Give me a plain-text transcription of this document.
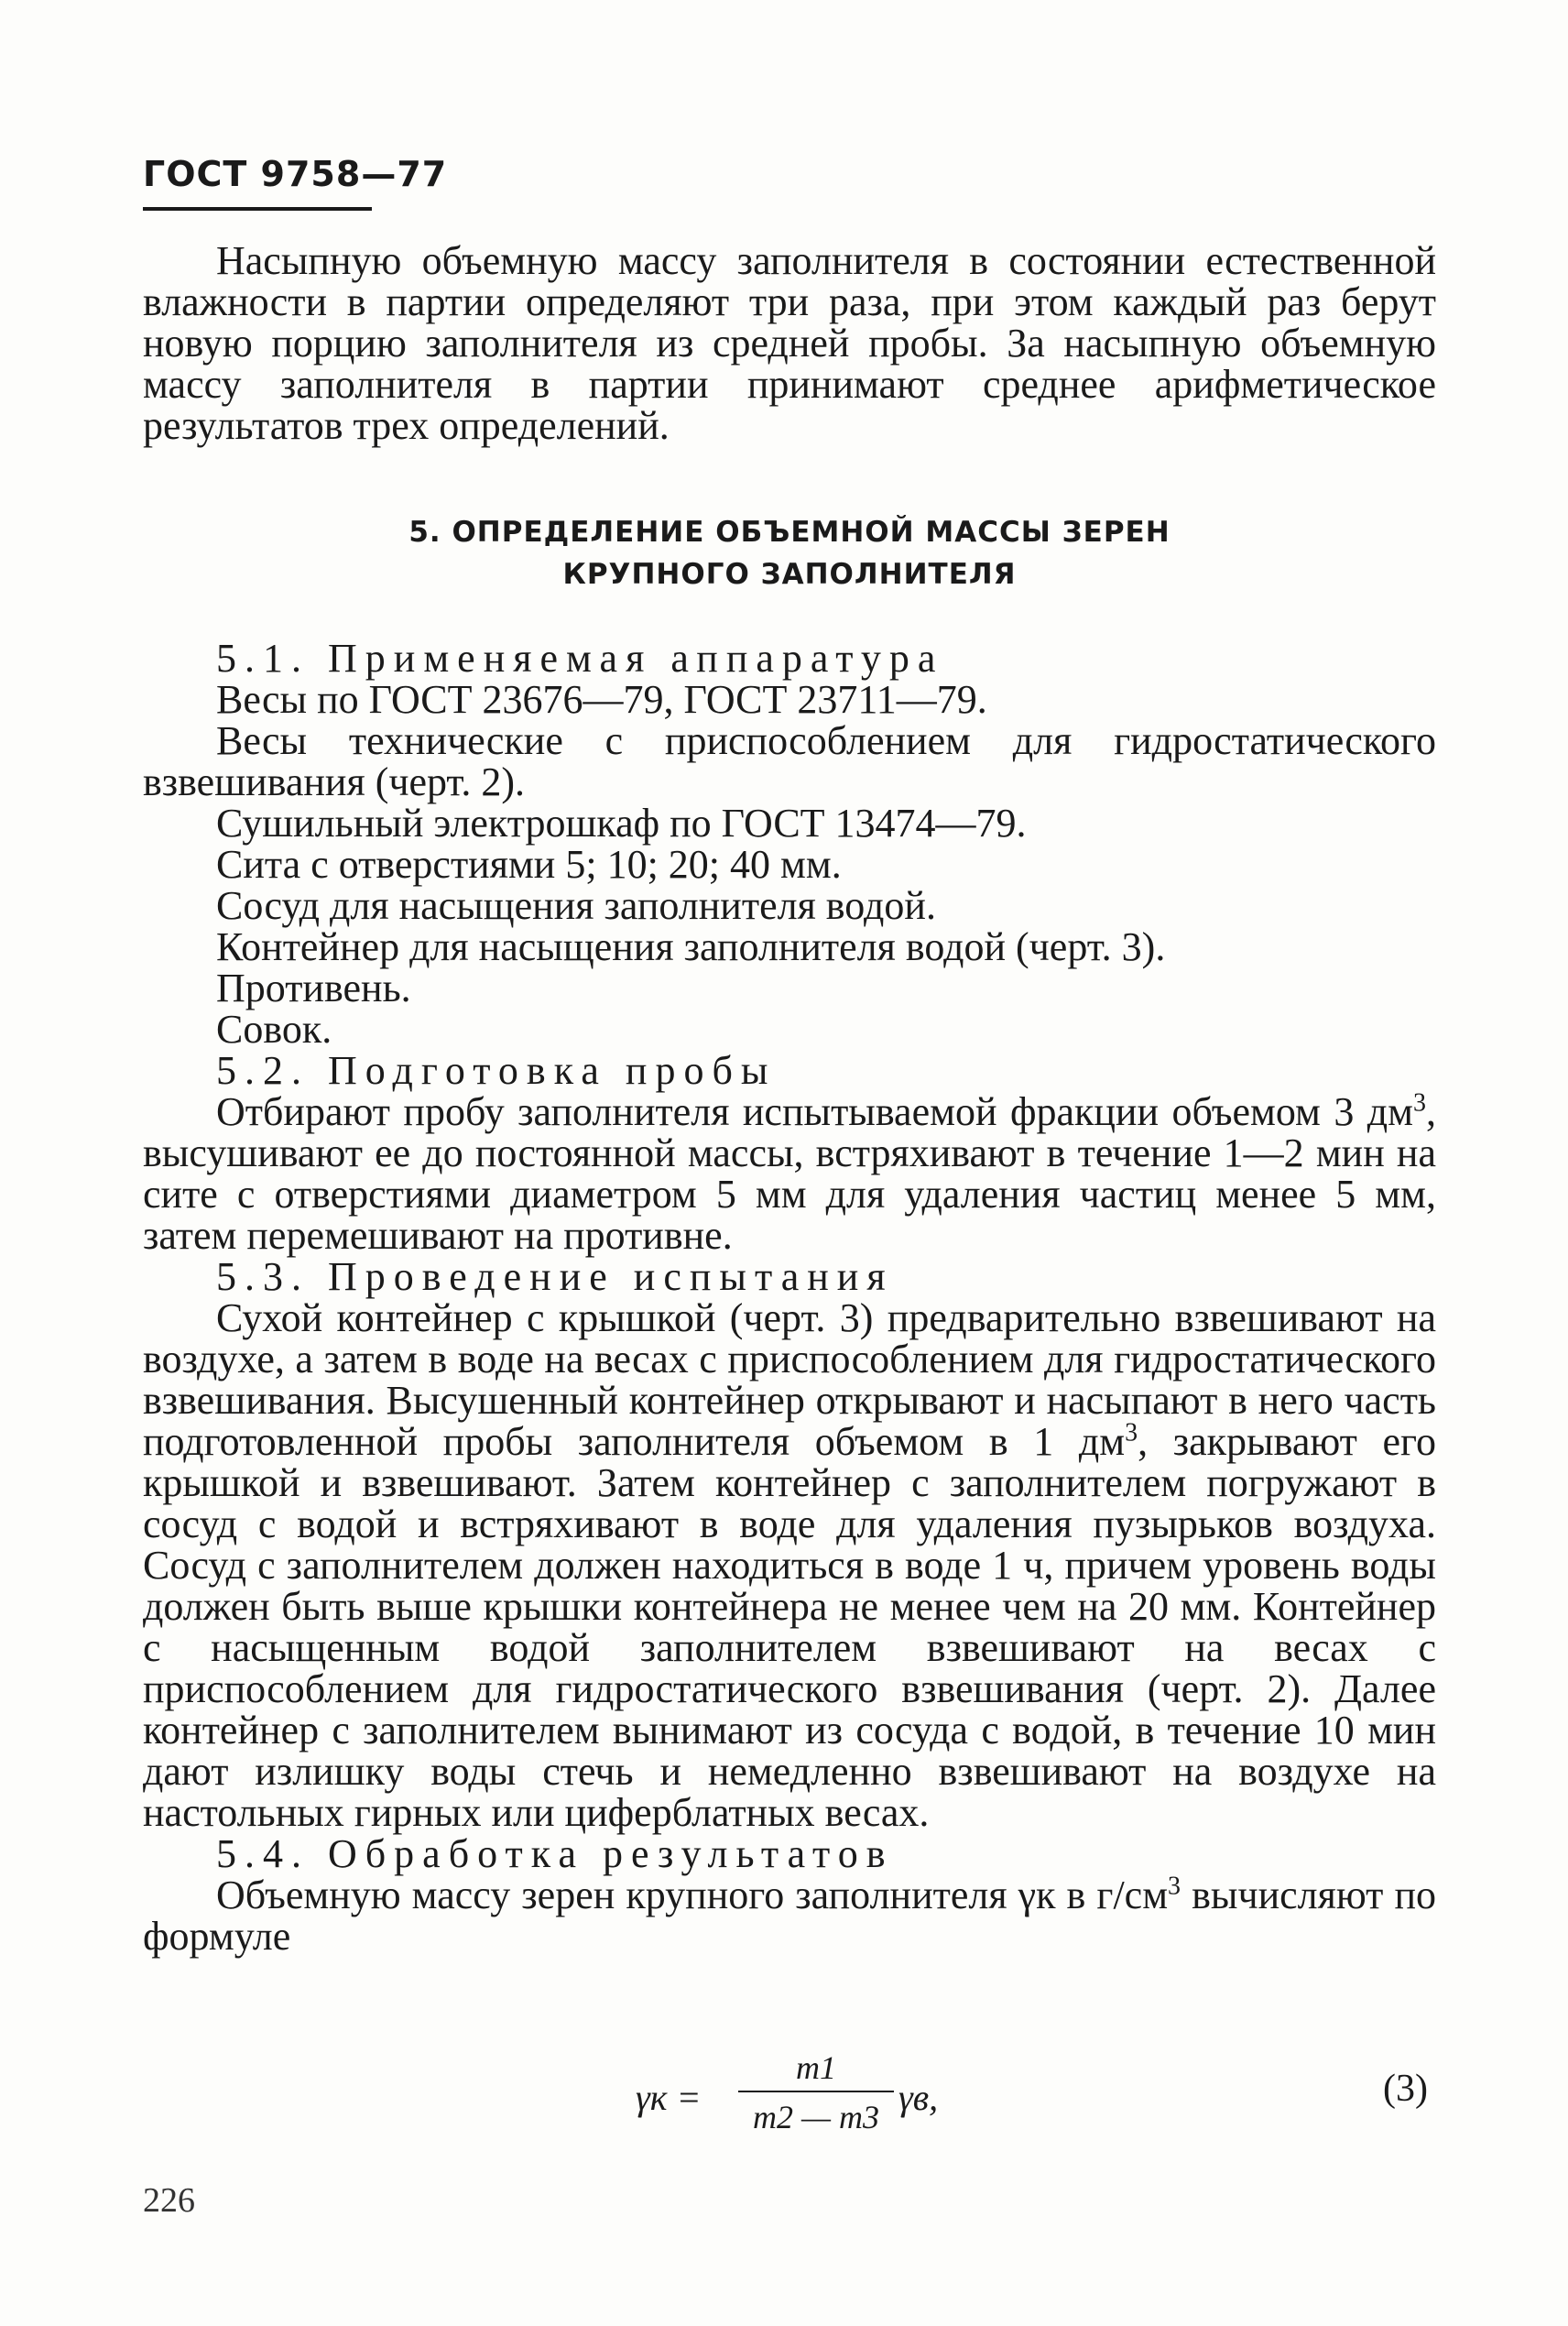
ГОСТ 9758—77

Насыпную объемную массу заполнителя в состоянии естественной влажности в партии определяют три раза, при этом каждый раз берут новую порцию заполнителя из средней пробы. За насыпную объемную массу заполнителя в партии принимают среднее арифметическое результатов трех определений.

5. ОПРЕДЕЛЕНИЕ ОБЪЕМНОЙ МАССЫ ЗЕРЕН
КРУПНОГО ЗАПОЛНИТЕЛЯ

5.1. Применяемая аппаратура

Весы по ГОСТ 23676—79, ГОСТ 23711—79.

Весы технические с приспособлением для гидростатического взвешивания (черт. 2).

Сушильный электрошкаф по ГОСТ 13474—79.

Сита с отверстиями 5; 10; 20; 40 мм.

Сосуд для насыщения заполнителя водой.

Контейнер для насыщения заполнителя водой (черт. 3).

Противень.

Совок.

5.2. Подготовка пробы

Отбирают пробу заполнителя испытываемой фракции объемом 3 $дм^3$, высушивают ее до постоянной массы, встряхивают в течение 1—2 мин на сите с отверстиями диаметром 5 мм для удаления частиц менее 5 мм, затем перемешивают на противне.

5.3. Проведение испытания

Сухой контейнер с крышкой (черт. 3) предварительно взвешивают на воздухе, а затем в воде на весах с приспособлением для гидростатического взвешивания. Высушенный контейнер открывают и насыпают в него часть подготовленной пробы заполнителя объемом в 1 $дм^3$, закрывают его крышкой и взвешивают. Затем контейнер с заполнителем погружают в сосуд с водой и встряхивают в воде для удаления пузырьков воздуха. Сосуд с заполнителем должен находиться в воде 1 ч, причем уровень воды должен быть выше крышки контейнера не менее чем на 20 мм. Контейнер с насыщенным водой заполнителем взвешивают на весах с приспособлением для гидростатического взвешивания (черт. 2). Далее контейнер с заполнителем вынимают из сосуда с водой, в течение 10 мин дают излишку воды стечь и немедленно взвешивают на воздухе на настольных гирных или циферблатных весах.

5.4. Обработка результатов

Объемную массу зерен крупного заполнителя γк в $г/см^3$ вычисляют по формуле

γк =
m1
m2 — m3 γв,	(3)
226
